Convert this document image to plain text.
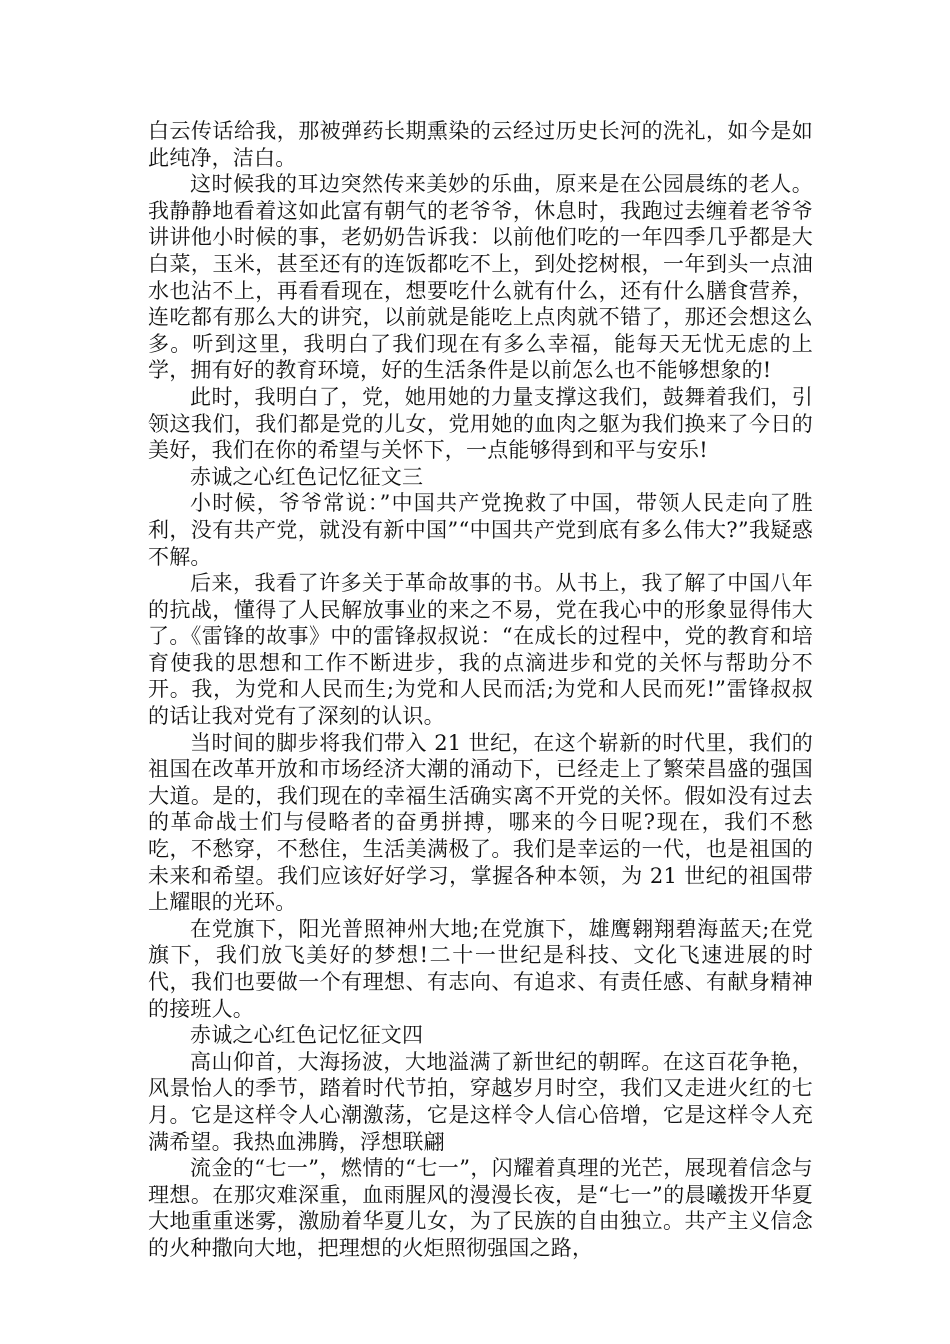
白云传话给我，那被弹药长期熏染的云经过历史长河的洗礼，如今是如此纯净，洁白。

这时候我的耳边突然传来美妙的乐曲，原来是在公园晨练的老人。我静静地看着这如此富有朝气的老爷爷，休息时，我跑过去缠着老爷爷讲讲他小时候的事，老奶奶告诉我：以前他们吃的一年四季几乎都是大白菜，玉米，甚至还有的连饭都吃不上，到处挖树根，一年到头一点油水也沾不上，再看看现在，想要吃什么就有什么，还有什么膳食营养，连吃都有那么大的讲究，以前就是能吃上点肉就不错了，那还会想这么多。听到这里，我明白了我们现在有多么幸福，能每天无忧无虑的上学，拥有好的教育环境，好的生活条件是以前怎么也不能够想象的!

此时，我明白了，党，她用她的力量支撑这我们，鼓舞着我们，引领这我们，我们都是党的儿女，党用她的血肉之躯为我们换来了今日的美好，我们在你的希望与关怀下，一点能够得到和平与安乐!

赤诚之心红色记忆征文三

小时候，爷爷常说：”中国共产党挽救了中国，带领人民走向了胜利，没有共产党，就没有新中国”“中国共产党到底有多么伟大?”我疑惑不解。

后来，我看了许多关于革命故事的书。从书上，我了解了中国八年的抗战，懂得了人民解放事业的来之不易，党在我心中的形象显得伟大了。《雷锋的故事》中的雷锋叔叔说：“在成长的过程中，党的教育和培育使我的思想和工作不断进步，我的点滴进步和党的关怀与帮助分不开。我，为党和人民而生;为党和人民而活;为党和人民而死!”雷锋叔叔的话让我对党有了深刻的认识。

当时间的脚步将我们带入 21 世纪，在这个崭新的时代里，我们的祖国在改革开放和市场经济大潮的涌动下，已经走上了繁荣昌盛的强国大道。是的，我们现在的幸福生活确实离不开党的关怀。假如没有过去的革命战士们与侵略者的奋勇拼搏，哪来的今日呢?现在，我们不愁吃，不愁穿，不愁住，生活美满极了。我们是幸运的一代，也是祖国的未来和希望。我们应该好好学习，掌握各种本领，为 21 世纪的祖国带上耀眼的光环。

在党旗下，阳光普照神州大地;在党旗下，雄鹰翱翔碧海蓝天;在党旗下，我们放飞美好的梦想!二十一世纪是科技、文化飞速进展的时代，我们也要做一个有理想、有志向、有追求、有责任感、有献身精神的接班人。

赤诚之心红色记忆征文四

高山仰首，大海扬波，大地溢满了新世纪的朝晖。在这百花争艳，风景怡人的季节，踏着时代节拍，穿越岁月时空，我们又走进火红的七月。它是这样令人心潮激荡，它是这样令人信心倍增，它是这样令人充满希望。我热血沸腾，浮想联翩

流金的“七一”，燃情的“七一”，闪耀着真理的光芒，展现着信念与理想。在那灾难深重，血雨腥风的漫漫长夜，是“七一”的晨曦拨开华夏大地重重迷雾，激励着华夏儿女，为了民族的自由独立。共产主义信念的火种撒向大地，把理想的火炬照彻强国之路，
